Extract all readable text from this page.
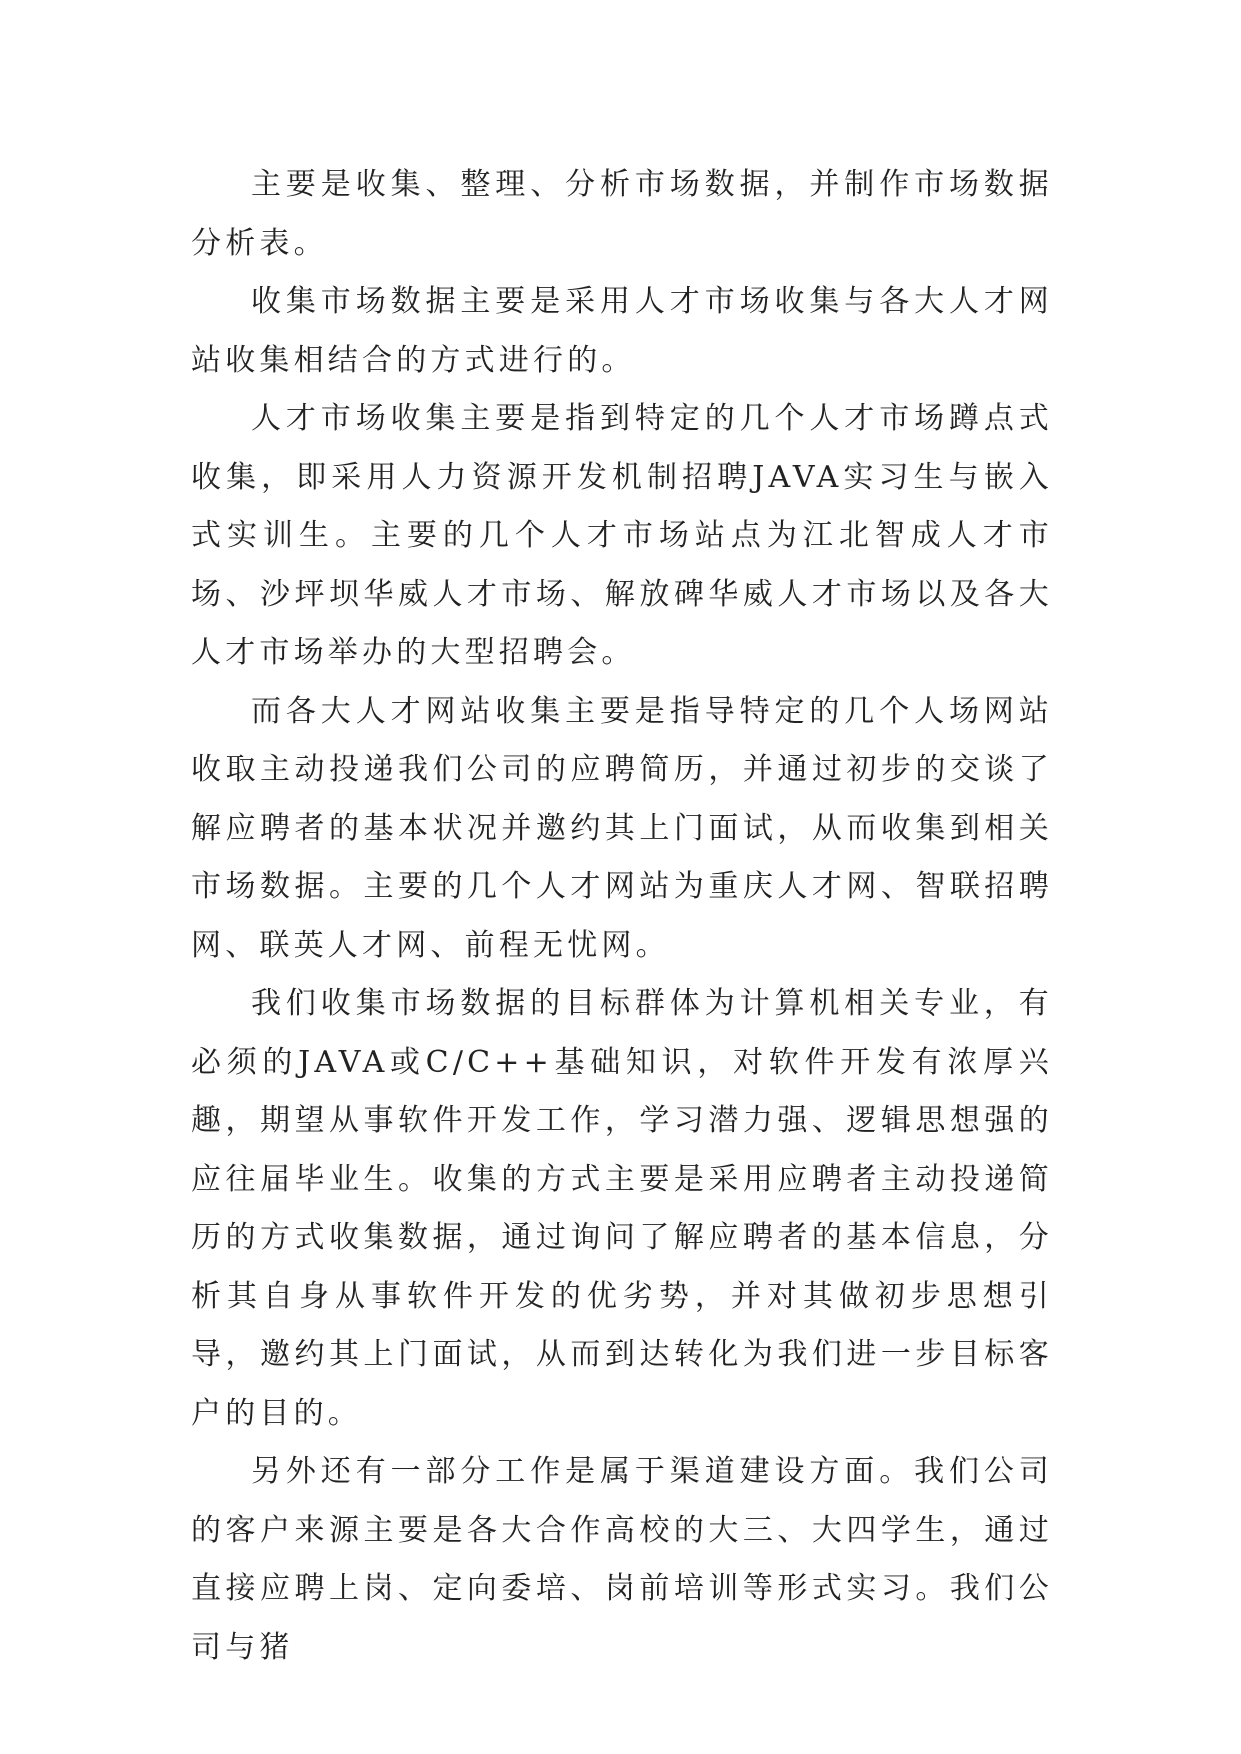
主要是收集、整理、分析市场数据，并制作市场数据分析表。

收集市场数据主要是采用人才市场收集与各大人才网站收集相结合的方式进行的。

人才市场收集主要是指到特定的几个人才市场蹲点式收集，即采用人力资源开发机制招聘JAVA实习生与嵌入式实训生。主要的几个人才市场站点为江北智成人才市场、沙坪坝华威人才市场、解放碑华威人才市场以及各大人才市场举办的大型招聘会。

而各大人才网站收集主要是指导特定的几个人场网站收取主动投递我们公司的应聘简历，并通过初步的交谈了解应聘者的基本状况并邀约其上门面试，从而收集到相关市场数据。主要的几个人才网站为重庆人才网、智联招聘网、联英人才网、前程无忧网。

我们收集市场数据的目标群体为计算机相关专业，有必须的JAVA或C/C++基础知识，对软件开发有浓厚兴趣，期望从事软件开发工作，学习潜力强、逻辑思想强的应往届毕业生。收集的方式主要是采用应聘者主动投递简历的方式收集数据，通过询问了解应聘者的基本信息，分析其自身从事软件开发的优劣势，并对其做初步思想引导，邀约其上门面试，从而到达转化为我们进一步目标客户的目的。

另外还有一部分工作是属于渠道建设方面。我们公司的客户来源主要是各大合作高校的大三、大四学生，通过直接应聘上岗、定向委培、岗前培训等形式实习。我们公司与猪
